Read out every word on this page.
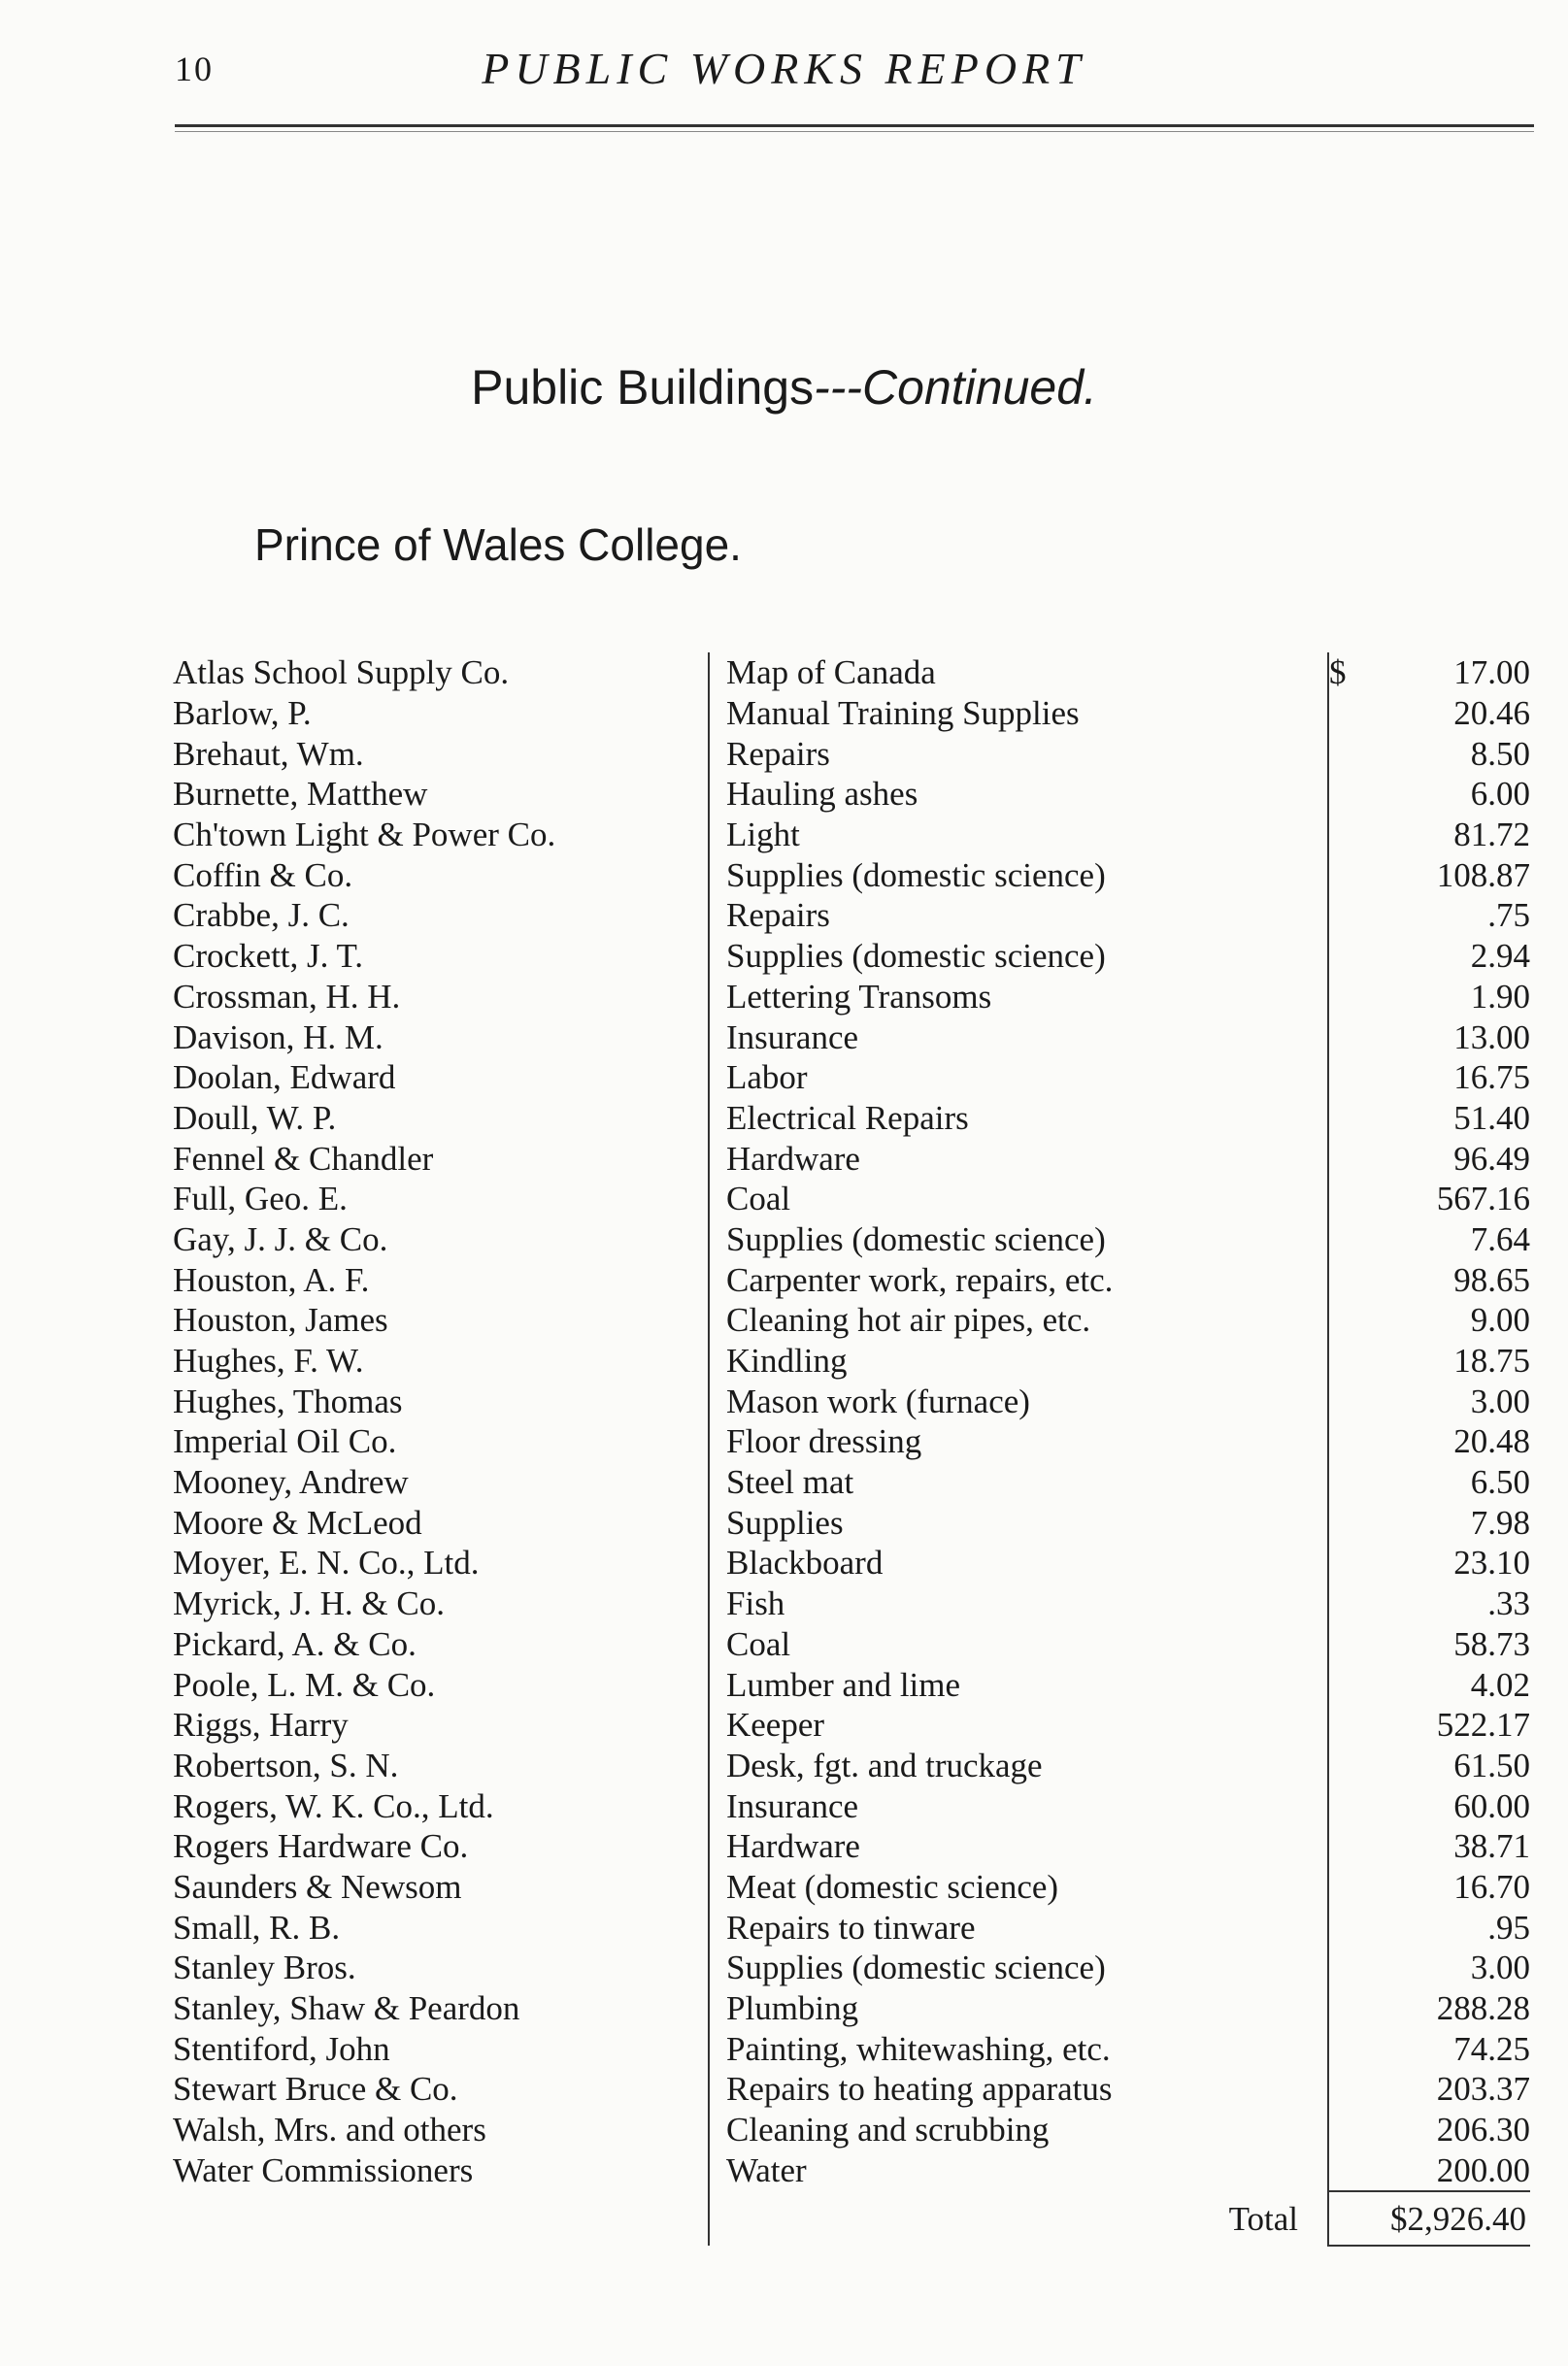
10	PUBLIC WORKS REPORT
Public Buildings---Continued.
Prince of Wales College.
Atlas School Supply Co.		Map of Canada	$	17.00
Barlow, P.		Manual Training Supplies		20.46
Brehaut, Wm.		Repairs		8.50
Burnette, Matthew		Hauling ashes		6.00
Ch'town Light & Power Co.		Light		81.72
Coffin & Co.		Supplies (domestic science)		108.87
Crabbe, J. C.		Repairs		.75
Crockett, J. T.		Supplies (domestic science)		2.94
Crossman, H. H.		Lettering Transoms		1.90
Davison, H. M.		Insurance		13.00
Doolan, Edward		Labor		16.75
Doull, W. P.		Electrical Repairs		51.40
Fennel & Chandler		Hardware		96.49
Full, Geo. E.		Coal		567.16
Gay, J. J. & Co.		Supplies (domestic science)		7.64
Houston, A. F.		Carpenter work, repairs, etc.		98.65
Houston, James		Cleaning hot air pipes, etc.		9.00
Hughes, F. W.		Kindling		18.75
Hughes, Thomas		Mason work (furnace)		3.00
Imperial Oil Co.		Floor dressing		20.48
Mooney, Andrew		Steel mat		6.50
Moore & McLeod		Supplies		7.98
Moyer, E. N. Co., Ltd.		Blackboard		23.10
Myrick, J. H. & Co.		Fish		.33
Pickard, A. & Co.		Coal		58.73
Poole, L. M. & Co.		Lumber and lime		4.02
Riggs, Harry		Keeper		522.17
Robertson, S. N.		Desk, fgt. and truckage		61.50
Rogers, W. K. Co., Ltd.		Insurance		60.00
Rogers Hardware Co.		Hardware		38.71
Saunders & Newsom		Meat (domestic science)		16.70
Small, R. B.		Repairs to tinware		.95
Stanley Bros.		Supplies (domestic science)		3.00
Stanley, Shaw & Peardon		Plumbing		288.28
Stentiford, John		Painting, whitewashing, etc.		74.25
Stewart Bruce & Co.		Repairs to heating apparatus		203.37
Walsh, Mrs. and others		Cleaning and scrubbing		206.30
Water Commissioners		Water		200.00
		Total	$2,926.40	
